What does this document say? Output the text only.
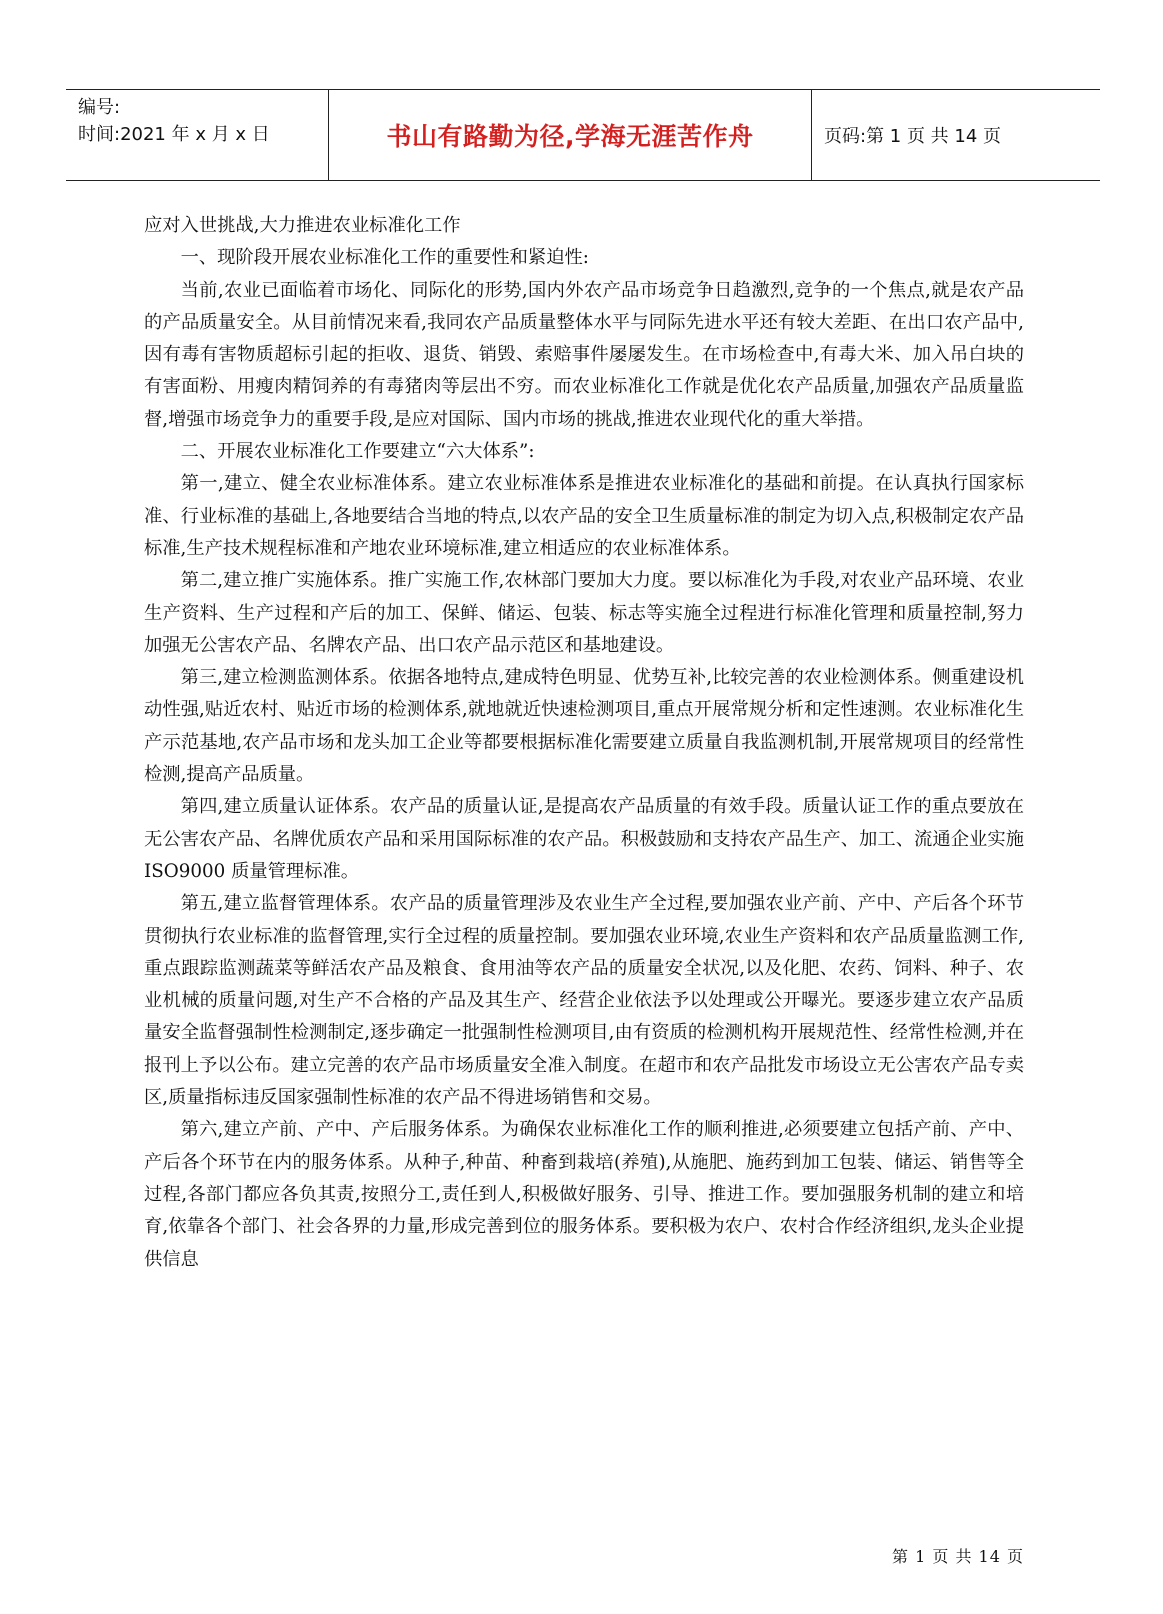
编号:
时间:2021 年 x 月 x 日	书山有路勤为径,学海无涯苦作舟	页码:第 1 页 共 14 页

应对入世挑战,大力推进农业标准化工作

一、现阶段开展农业标准化工作的重要性和紧迫性:

当前,农业已面临着市场化、同际化的形势,国内外农产品市场竞争日趋激烈,竞争的一个焦点,就是农产品的产品质量安全。从目前情况来看,我同农产品质量整体水平与同际先进水平还有较大差距、在出口农产品中,因有毒有害物质超标引起的拒收、退货、销毁、索赔事件屡屡发生。在市场检查中,有毒大米、加入吊白块的有害面粉、用瘦肉精饲养的有毒猪肉等层出不穷。而农业标准化工作就是优化农产品质量,加强农产品质量监督,增强市场竞争力的重要手段,是应对国际、国内市场的挑战,推进农业现代化的重大举措。

二、开展农业标准化工作要建立“六大体系”:

第一,建立、健全农业标准体系。建立农业标准体系是推进农业标准化的基础和前提。在认真执行国家标准、行业标准的基础上,各地要结合当地的特点,以农产品的安全卫生质量标准的制定为切入点,积极制定农产品标准,生产技术规程标准和产地农业环境标准,建立相适应的农业标准体系。

第二,建立推广实施体系。推广实施工作,农林部门要加大力度。要以标准化为手段,对农业产品环境、农业生产资料、生产过程和产后的加工、保鲜、储运、包装、标志等实施全过程进行标准化管理和质量控制,努力加强无公害农产品、名牌农产品、出口农产品示范区和基地建设。

第三,建立检测监测体系。依据各地特点,建成特色明显、优势互补,比较完善的农业检测体系。侧重建设机动性强,贴近农村、贴近市场的检测体系,就地就近快速检测项目,重点开展常规分析和定性速测。农业标准化生产示范基地,农产品市场和龙头加工企业等都要根据标准化需要建立质量自我监测机制,开展常规项目的经常性检测,提高产品质量。

第四,建立质量认证体系。农产品的质量认证,是提高农产品质量的有效手段。质量认证工作的重点要放在无公害农产品、名牌优质农产品和采用国际标准的农产品。积极鼓励和支持农产品生产、加工、流通企业实施 ISO9000 质量管理标准。

第五,建立监督管理体系。农产品的质量管理涉及农业生产全过程,要加强农业产前、产中、产后各个环节贯彻执行农业标准的监督管理,实行全过程的质量控制。要加强农业环境,农业生产资料和农产品质量监测工作,重点跟踪监测蔬菜等鲜活农产品及粮食、食用油等农产品的质量安全状况,以及化肥、农药、饲料、种子、农业机械的质量问题,对生产不合格的产品及其生产、经营企业依法予以处理或公开曝光。要逐步建立农产品质量安全监督强制性检测制定,逐步确定一批强制性检测项目,由有资质的检测机构开展规范性、经常性检测,并在报刊上予以公布。建立完善的农产品市场质量安全准入制度。在超市和农产品批发市场设立无公害农产品专卖区,质量指标违反国家强制性标准的农产品不得进场销售和交易。

第六,建立产前、产中、产后服务体系。为确保农业标准化工作的顺利推进,必须要建立包括产前、产中、产后各个环节在内的服务体系。从种子,种苗、种畜到栽培(养殖),从施肥、施药到加工包装、储运、销售等全过程,各部门都应各负其责,按照分工,责任到人,积极做好服务、引导、推进工作。要加强服务机制的建立和培育,依靠各个部门、社会各界的力量,形成完善到位的服务体系。要积极为农户、农村合作经济组织,龙头企业提供信息

第 1 页 共 14 页
